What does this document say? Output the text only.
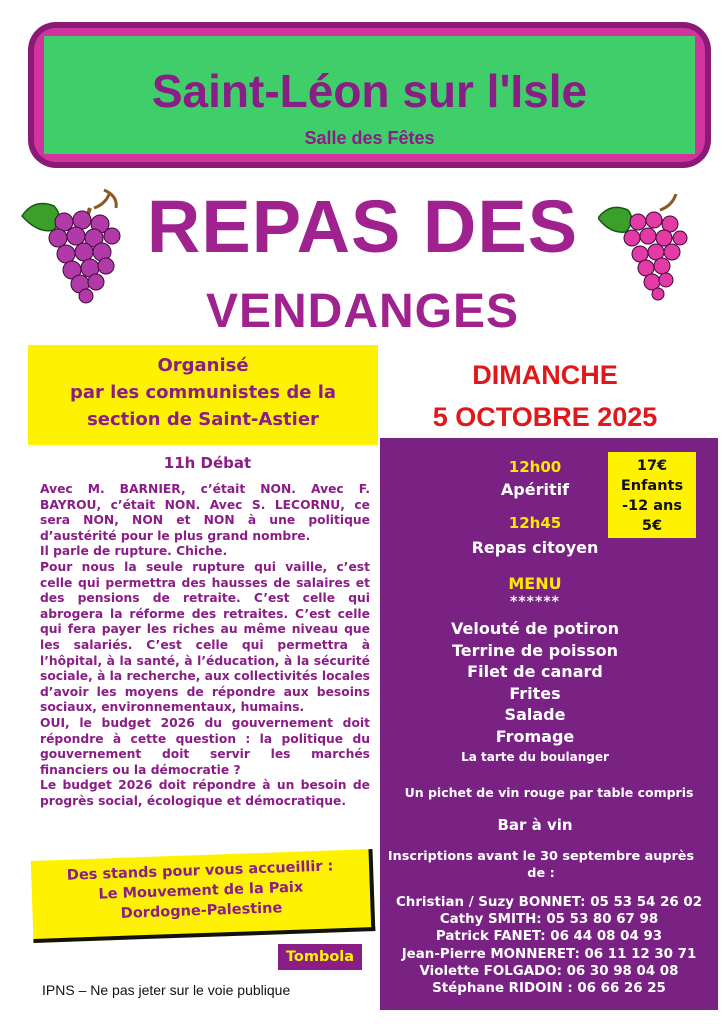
Saint-Léon sur l'Isle
Salle des Fêtes
REPAS DES
VENDANGES
Organisé
par les communistes de la
section de Saint-Astier
DIMANCHE
5 OCTOBRE 2025
11h Débat

Avec M. BARNIER, c’était NON. Avec F. BAYROU, c’était NON. Avec S. LECORNU, ce sera NON, NON et NON à une politique d’austérité pour le plus grand nombre.

Il parle de rupture. Chiche.

Pour nous la seule rupture qui vaille, c’est celle qui permettra des hausses de salaires et des pensions de retraite. C’est celle qui abrogera la réforme des retraites. C’est celle qui fera payer les riches au même niveau que les salariés. C’est celle qui permettra à l’hôpital, à la santé, à l’éducation, à la sécurité sociale, à la recherche, aux collectivités locales d’avoir les moyens de répondre aux besoins sociaux, environnementaux, humains.

OUI, le budget 2026 du gouvernement doit répondre à cette question : la politique du gouvernement doit servir les marchés financiers ou la démocratie ?

Le budget 2026 doit répondre à un besoin de progrès social, écologique et démocratique.

Des stands pour vous accueillir :
Le Mouvement de la Paix
Dordogne-Palestine
Tombola
IPNS – Ne pas jeter sur le voie publique
12h00
Apéritif
12h45
Repas citoyen
17€
Enfants
-12 ans
5€
MENU
******
Velouté de potiron
Terrine de poisson
Filet de canard
Frites
Salade
Fromage
La tarte du boulanger
Un pichet de vin rouge par table compris
Bar à vin
Inscriptions avant le 30 septembre auprès
de :
Christian / Suzy BONNET: 05 53 54 26 02
Cathy SMITH: 05 53 80 67 98
Patrick FANET: 06 44 08 04 93
Jean-Pierre MONNERET: 06 11 12 30 71
Violette FOLGADO: 06 30 98 04 08
Stéphane RIDOIN : 06 66 26 25
